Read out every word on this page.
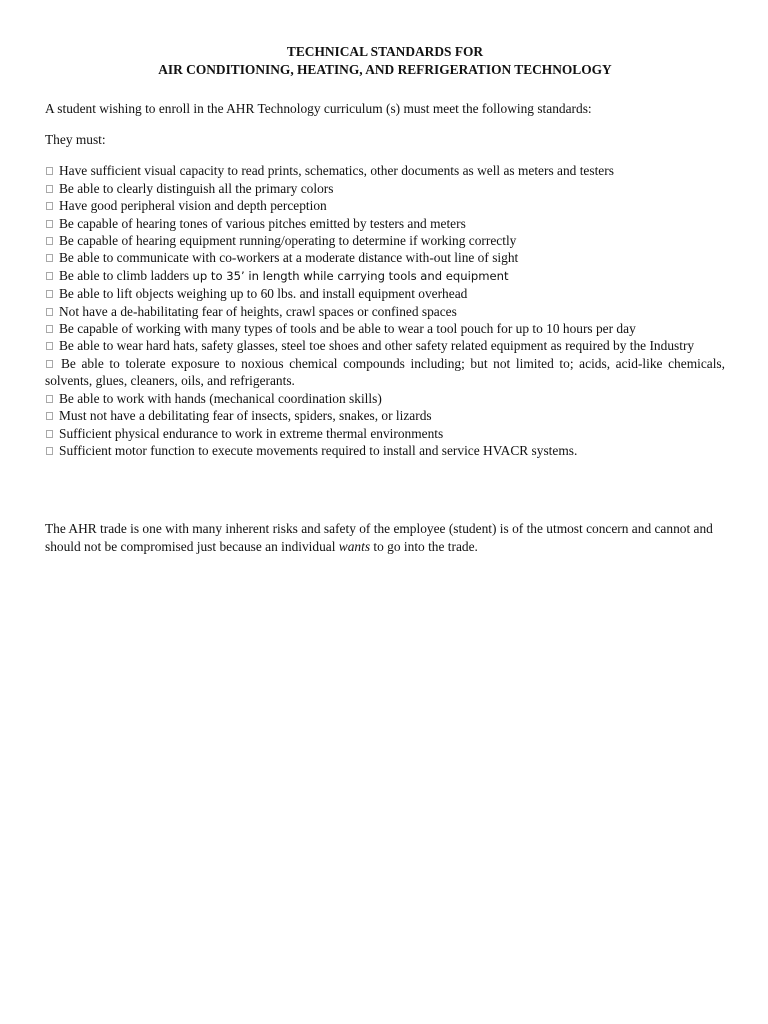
TECHNICAL STANDARDS FOR
AIR CONDITIONING, HEATING, AND REFRIGERATION TECHNOLOGY
A student wishing to enroll in the AHR Technology curriculum (s) must meet the following standards:
They must:
Have sufficient visual capacity to read prints, schematics, other documents as well as meters and testers
Be able to clearly distinguish all the primary colors
Have good peripheral vision and depth perception
Be capable of hearing tones of various pitches emitted by testers and meters
Be capable of hearing equipment running/operating to determine if working correctly
Be able to communicate with co-workers at a moderate distance with-out line of sight
Be able to climb ladders up to 35’ in length while carrying tools and equipment
Be able to lift objects weighing up to 60 lbs. and install equipment overhead
Not have a de-habilitating fear of heights, crawl spaces or confined spaces
Be capable of working with many types of tools and be able to wear a tool pouch for up to 10 hours per day
Be able to wear hard hats, safety glasses, steel toe shoes and other safety related equipment as required by the Industry
Be able to tolerate exposure to noxious chemical compounds including; but not limited to; acids, acid-like chemicals, solvents, glues, cleaners, oils, and refrigerants.
Be able to work with hands (mechanical coordination skills)
Must not have a debilitating fear of insects, spiders, snakes, or lizards
Sufficient physical endurance to work in extreme thermal environments
Sufficient motor function to execute movements required to install and service HVACR systems.
The AHR trade is one with many inherent risks and safety of the employee (student) is of the utmost concern and cannot and should not be compromised just because an individual wants to go into the trade.
